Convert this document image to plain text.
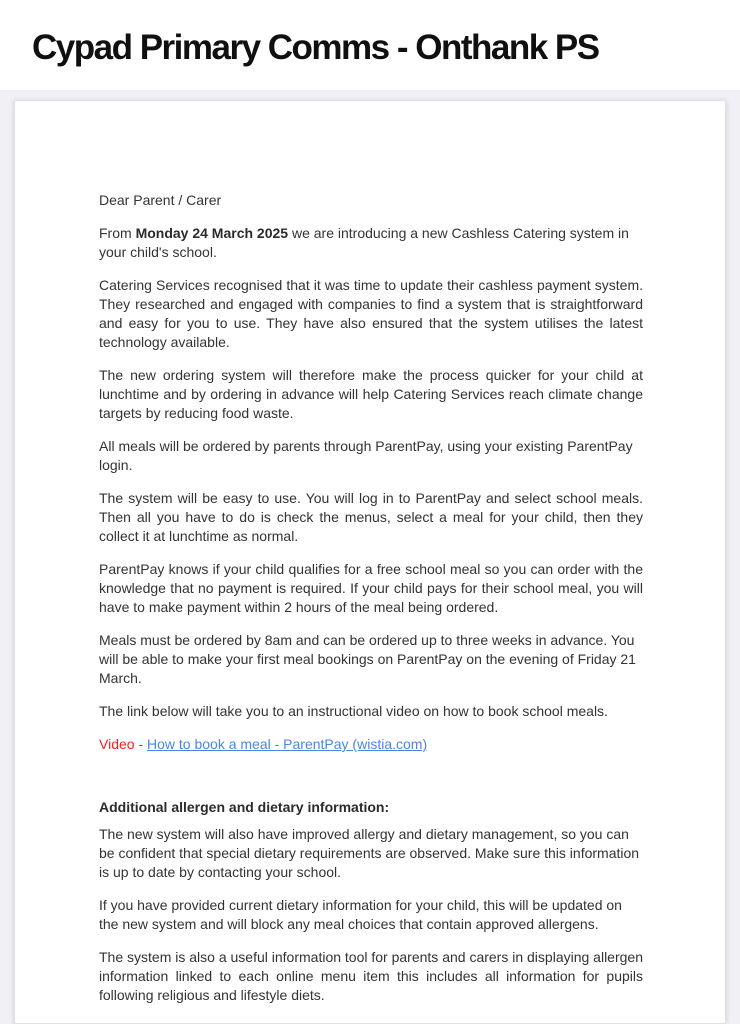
Cypad Primary Comms - Onthank PS

Dear Parent / Carer

From Monday 24 March 2025 we are introducing a new Cashless Catering system in your child's school.

Catering Services recognised that it was time to update their cashless payment system. They researched and engaged with companies to find a system that is straightforward and easy for you to use. They have also ensured that the system utilises the latest technology available.

The new ordering system will therefore make the process quicker for your child at lunchtime and by ordering in advance will help Catering Services reach climate change targets by reducing food waste.

All meals will be ordered by parents through ParentPay, using your existing ParentPay login.

The system will be easy to use. You will log in to ParentPay and select school meals. Then all you have to do is check the menus, select a meal for your child, then they collect it at lunchtime as normal.

ParentPay knows if your child qualifies for a free school meal so you can order with the knowledge that no payment is required. If your child pays for their school meal, you will have to make payment within 2 hours of the meal being ordered.

Meals must be ordered by 8am and can be ordered up to three weeks in advance. You will be able to make your first meal bookings on ParentPay on the evening of Friday 21 March.

The link below will take you to an instructional video on how to book school meals.

Video - How to book a meal - ParentPay (wistia.com)

Additional allergen and dietary information:

The new system will also have improved allergy and dietary management, so you can be confident that special dietary requirements are observed. Make sure this information is up to date by contacting your school.

If you have provided current dietary information for your child, this will be updated on the new system and will block any meal choices that contain approved allergens.

The system is also a useful information tool for parents and carers in displaying allergen information linked to each online menu item this includes all information for pupils following religious and lifestyle diets.
